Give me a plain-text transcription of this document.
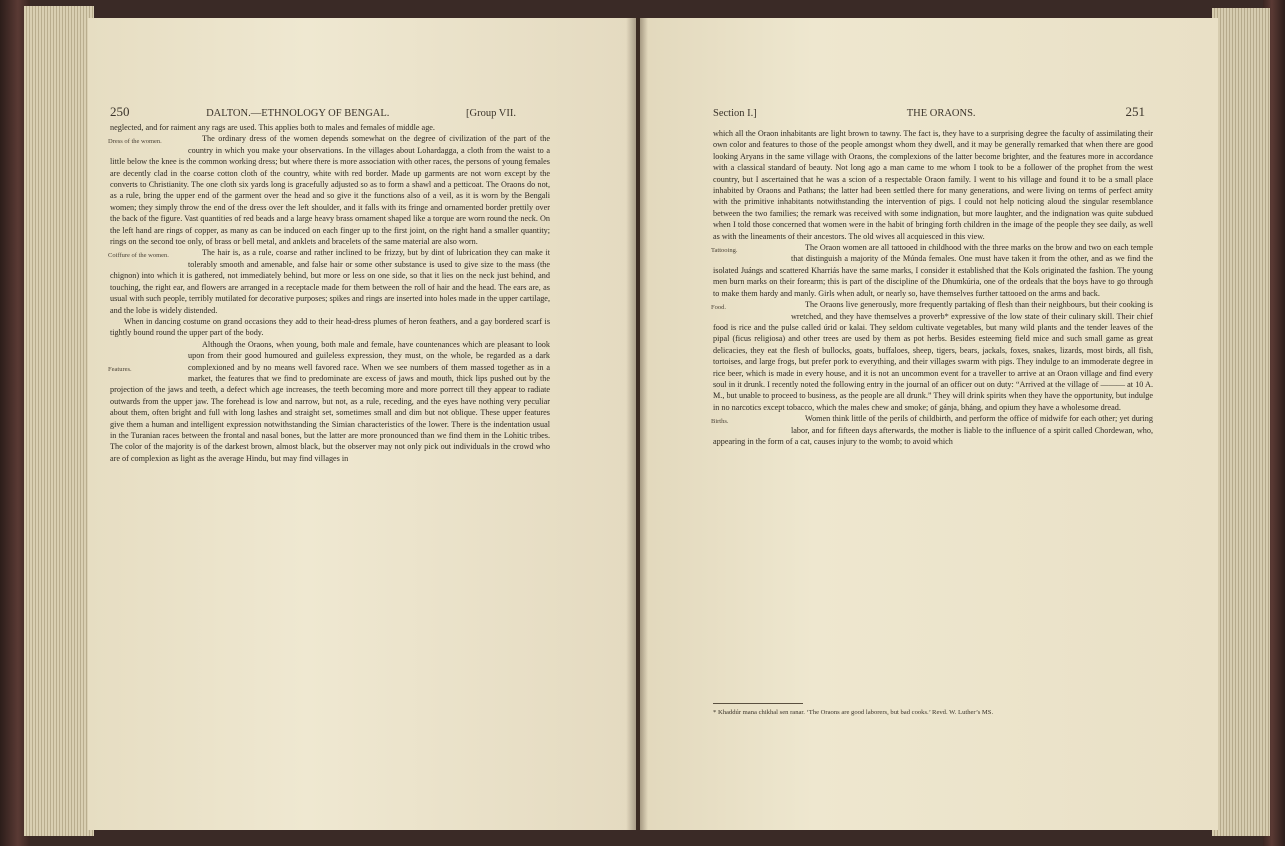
250	DALTON.—ETHNOLOGY OF BENGAL.	[Group VII.

neglected, and for raiment any rags are used. This applies both to males and females of middle age.

Dress of the women.	The ordinary dress of the women depends somewhat on the degree of civilization of the part of the country in which you make your observations. In the villages about Lohardagga, a cloth from the waist to a little below the knee is the common working dress; but where there is more association with other races, the persons of young females are decently clad in the coarse cotton cloth of the country, white with red border. Made up garments are not worn except by the converts to Christianity. The one cloth six yards long is gracefully adjusted so as to form a shawl and a petticoat. The Oraons do not, as a rule, bring the upper end of the garment over the head and so give it the functions also of a veil, as it is worn by the Bengali women; they simply throw the end of the dress over the left shoulder, and it falls with its fringe and ornamented border prettily over the back of the figure. Vast quantities of red beads and a large heavy brass ornament shaped like a torque are worn round the neck. On the left hand are rings of copper, as many as can be induced on each finger up to the first joint, on the right hand a smaller quantity; rings on the second toe only, of brass or bell metal, and anklets and bracelets of the same material are also worn.

Coiffure of the women.	The hair is, as a rule, coarse and rather inclined to be frizzy, but by dint of lubrication they can make it tolerably smooth and amenable, and false hair or some other substance is used to give size to the mass (the chignon) into which it is gathered, not immediately behind, but more or less on one side, so that it lies on the neck just behind, and touching, the right ear, and flowers are arranged in a receptacle made for them between the roll of hair and the head. The ears are, as usual with such people, terribly mutilated for decorative purposes; spikes and rings are inserted into holes made in the upper cartilage, and the lobe is widely distended.

When in dancing costume on grand occasions they add to their head-dress plumes of heron feathers, and a gay bordered scarf is tightly bound round the upper part of the body.

Features.
Although the Oraons, when young, both male and female, have countenances which are pleasant to look upon from their good humoured and guileless expression, they must, on the whole, be regarded as a dark complexioned and by no means well favored race. When we see numbers of them massed together as in a market, the features that we find to predominate are excess of jaws and mouth, thick lips pushed out by the projection of the jaws and teeth, a defect which age increases, the teeth becoming more and more porrect till they appear to radiate outwards from the upper jaw. The forehead is low and narrow, but not, as a rule, receding, and the eyes have nothing very peculiar about them, often bright and full with long lashes and straight set, sometimes small and dim but not oblique. These upper features give them a human and intelligent expression notwithstanding the Simian characteristics of the lower. There is the indentation usual in the Turanian races between the frontal and nasal bones, but the latter are more pronounced than we find them in the Lohitic tribes. The color of the majority is of the darkest brown, almost black, but the observer may not only pick out individuals in the crowd who are of complexion as light as the average Hindu, but may find villages in

Section I.]	THE ORAONS.	251

which all the Oraon inhabitants are light brown to tawny. The fact is, they have to a surprising degree the faculty of assimilating their own color and features to those of the people amongst whom they dwell, and it may be generally remarked that when there are good looking Aryans in the same village with Oraons, the complexions of the latter become brighter, and the features more in accordance with a classical standard of beauty. Not long ago a man came to me whom I took to be a follower of the prophet from the west country, but I ascertained that he was a scion of a respectable Oraon family. I went to his village and found it to be a small place inhabited by Oraons and Pathans; the latter had been settled there for many generations, and were living on terms of perfect amity with the primitive inhabitants notwithstanding the intervention of pigs. I could not help noticing aloud the singular resemblance between the two families; the remark was received with some indignation, but more laughter, and the indignation was quite subdued when I told those concerned that women were in the habit of bringing forth children in the image of the people they see daily, as well as with the lineaments of their ancestors. The old wives all acquiesced in this view.

Tattooing.	The Oraon women are all tattooed in childhood with the three marks on the brow and two on each temple that distinguish a majority of the Múnda females. One must have taken it from the other, and as we find the isolated Juángs and scattered Kharriás have the same marks, I consider it established that the Kols originated the fashion. The young men burn marks on their forearm; this is part of the discipline of the Dhumkúria, one of the ordeals that the boys have to go through to make them hardy and manly. Girls when adult, or nearly so, have themselves further tattooed on the arms and back.

Food.	The Oraons live generously, more frequently partaking of flesh than their neighbours, but their cooking is wretched, and they have themselves a proverb* expressive of the low state of their culinary skill. Their chief food is rice and the pulse called úrid or kalai. They seldom cultivate vegetables, but many wild plants and the tender leaves of the pipal (ficus religiosa) and other trees are used by them as pot herbs. Besides esteeming field mice and such small game as great delicacies, they eat the flesh of bullocks, goats, buffaloes, sheep, tigers, bears, jackals, foxes, snakes, lizards, most birds, all fish, tortoises, and large frogs, but prefer pork to everything, and their villages swarm with pigs. They indulge to an immoderate degree in rice beer, which is made in every house, and it is not an uncommon event for a traveller to arrive at an Oraon village and find every soul in it drunk. I recently noted the following entry in the journal of an officer out on duty: “Arrived at the village of ——— at 10 A. M., but unable to proceed to business, as the people are all drunk.” They will drink spirits when they have the opportunity, but indulge in no narcotics except tobacco, which the males chew and smoke; of gánja, bháng, and opium they have a wholesome dread.

Births.	Women think little of the perils of childbirth, and perform the office of midwife for each other; yet during labor, and for fifteen days afterwards, the mother is liable to the influence of a spirit called Chordewan, who, appearing in the form of a cat, causes injury to the womb; to avoid which

* Khaddúr mana chikhal sen ranar. ‘The Oraons are good laborers, but bad cooks.’ Revd. W. Luther’s MS.
